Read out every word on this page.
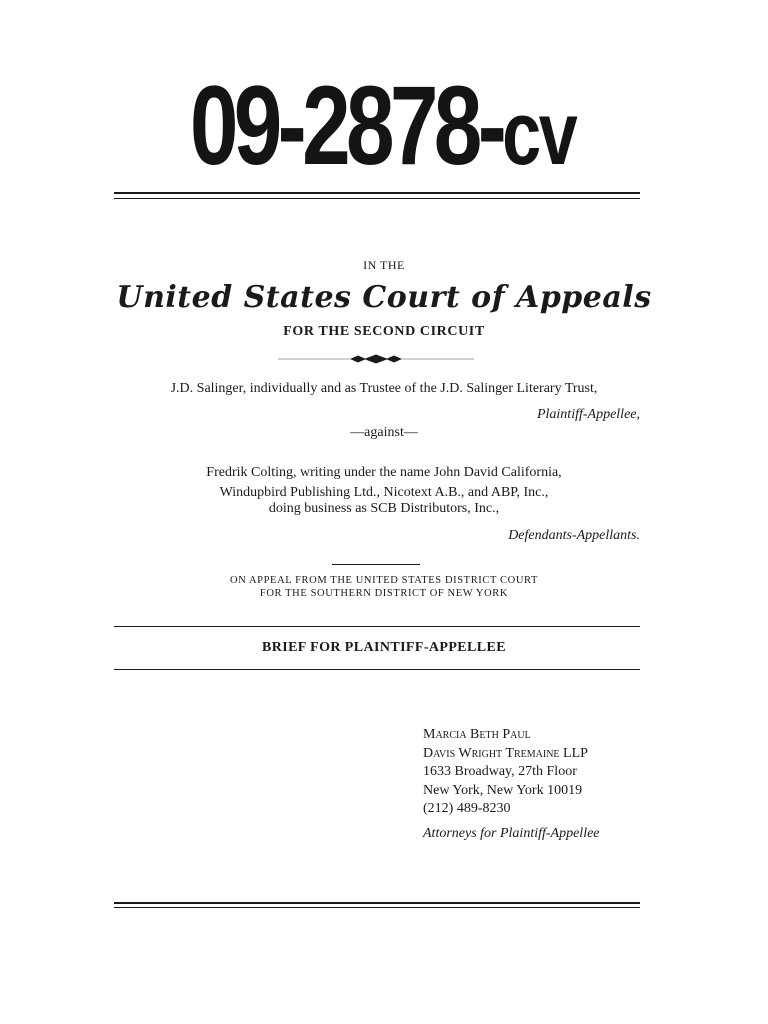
09-2878-cv
IN THE
United States Court of Appeals
FOR THE SECOND CIRCUIT
J.D. Salinger, individually and as Trustee of the J.D. Salinger Literary Trust,
Plaintiff-Appellee,
—against—
Fredrik Colting, writing under the name John David California,
Windupbird Publishing Ltd., Nicotext A.B., and ABP, Inc.,
doing business as SCB Distributors, Inc.,
Defendants-Appellants.
ON APPEAL FROM THE UNITED STATES DISTRICT COURT
FOR THE SOUTHERN DISTRICT OF NEW YORK
BRIEF FOR PLAINTIFF-APPELLEE
Marcia Beth Paul
Davis Wright Tremaine LLP
1633 Broadway, 27th Floor
New York, New York 10019
(212) 489-8230
Attorneys for Plaintiff-Appellee
